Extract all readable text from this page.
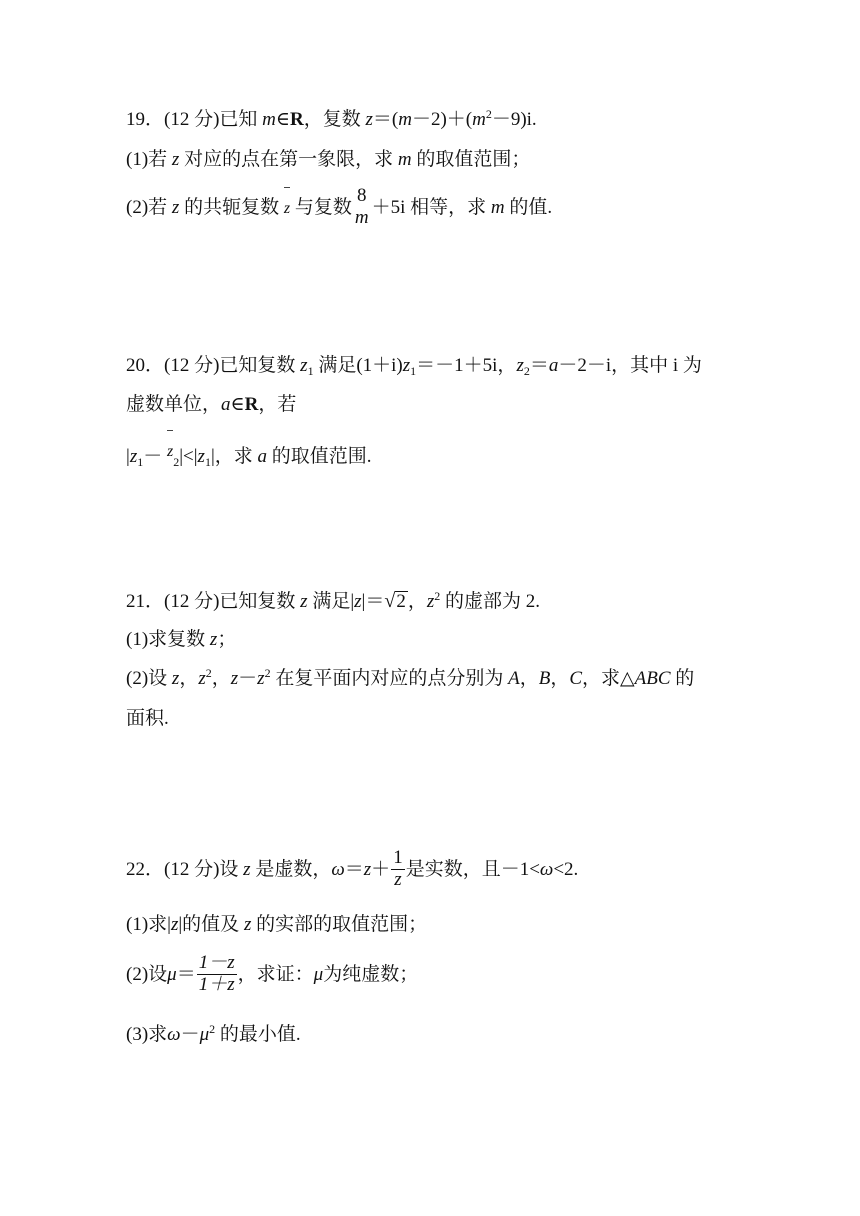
19．(12 分)已知 m∈R，复数 $z=(m-2)+(m^2-9)i$.
(1)若 z 对应的点在第一象限，求 m 的取值范围；
(2)若 z 的共轭复数 z 与复数
8
m ＋5i 相等，求 m 的值.
20．(12 分)已知复数 $z_1$ 满足$(1+i)z_1=-1+5i$，$z_2=a-2-i$，其中 i 为
虚数单位，a∈R，若
$|z_1- z_2|<|z_1|$，求 a 的取值范围.
21．(12 分)已知复数 z 满足|z|＝√2 ，$z^2$ 的虚部为 2.
(1)求复数 z；
(2)设 z，$z^2$，$z-z^2$ 在复平面内对应的点分别为 A，B，C，求△ABC 的
面积.
22．(12 分)设 z 是虚数，$\omega=z+ \frac{1}{z}$ 是实数，且－1<ω<2.
(1)求|z|的值及 z 的实部的取值范围；
(2)设$\mu= \frac{1-z}{1+z}$ ，求证：μ为纯虚数；
(3)求$\omega-\mu^2$ 的最小值.
